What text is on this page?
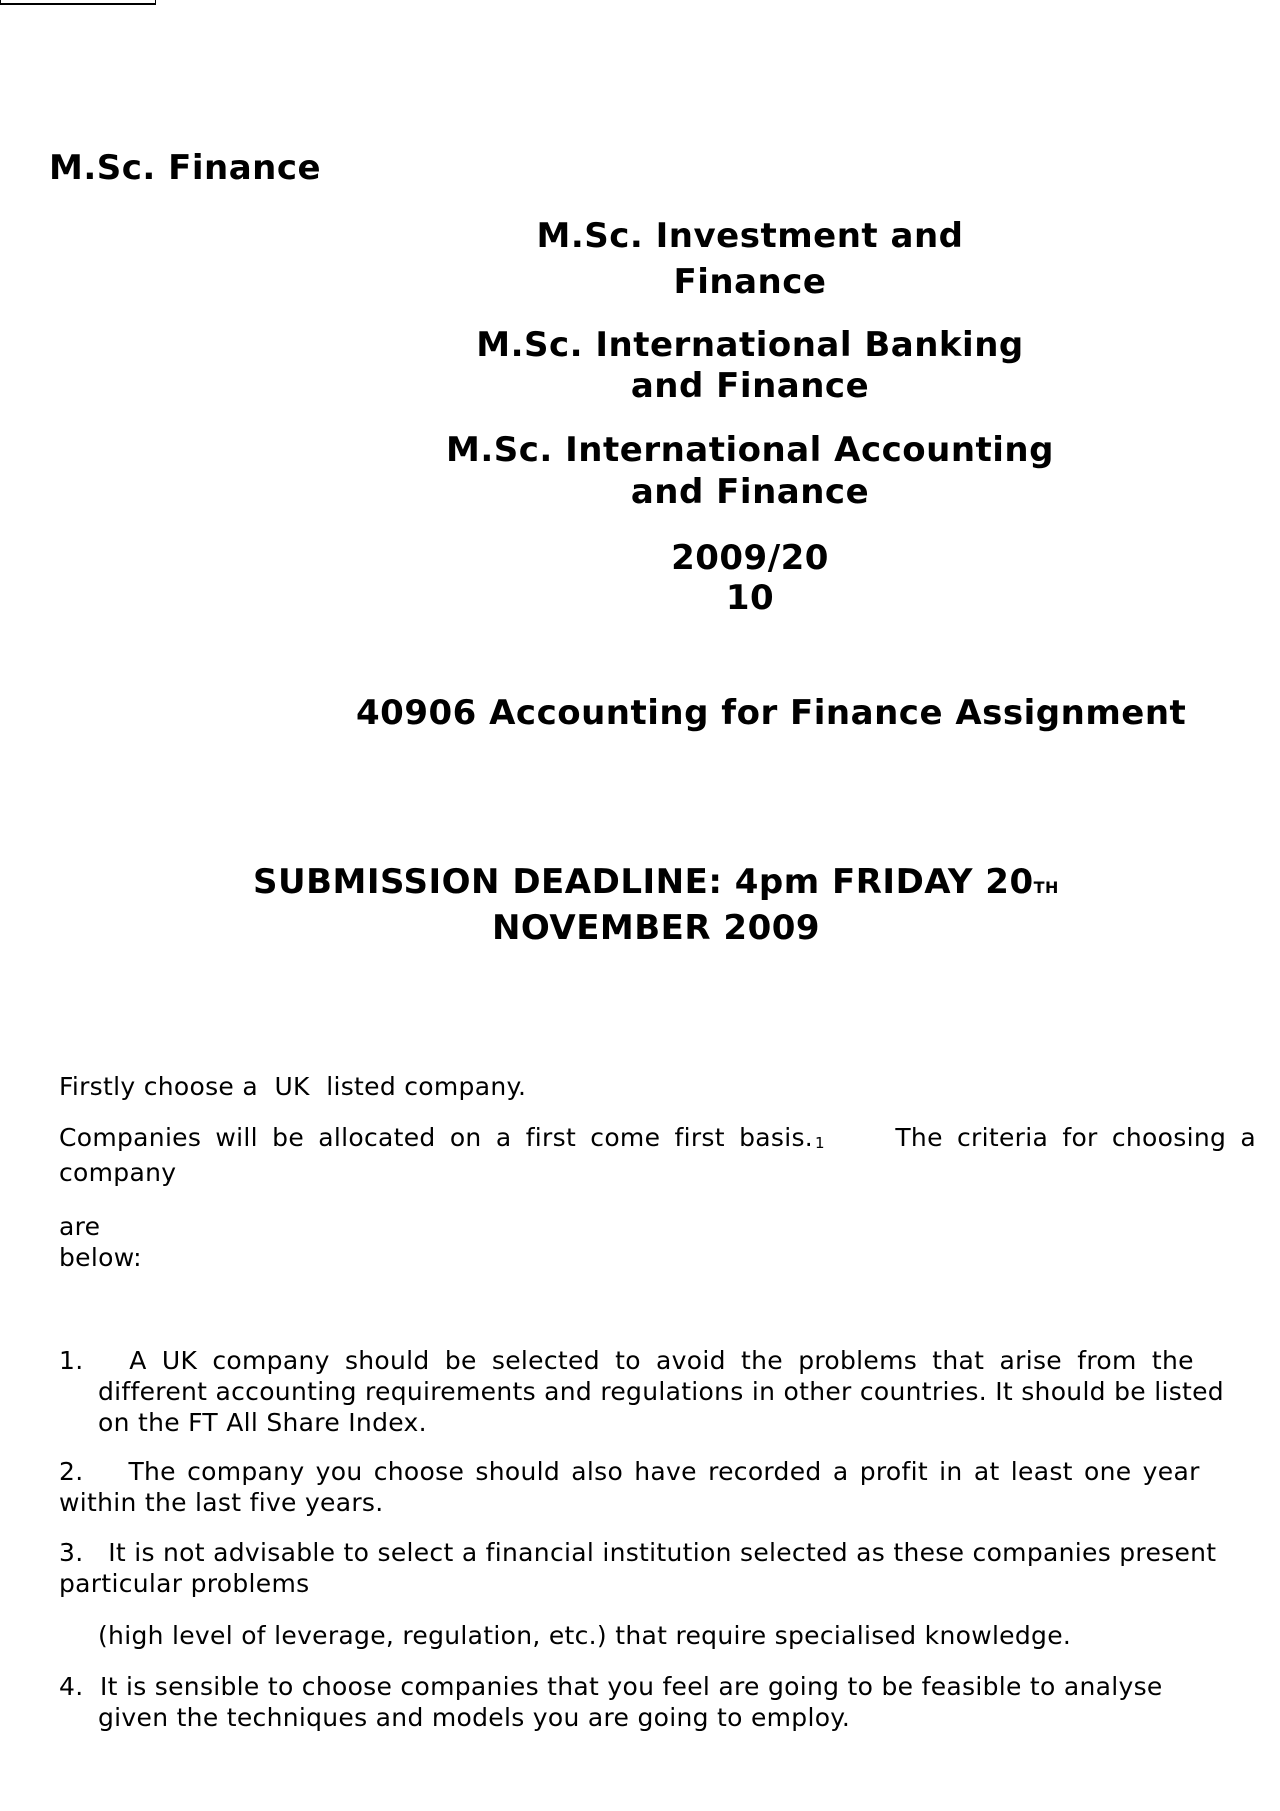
M.Sc. Finance
M.Sc. Investment and
Finance
M.Sc. International Banking
and Finance
M.Sc. International Accounting
and Finance
2009/20
10
40906 Accounting for Finance Assignment
SUBMISSION DEADLINE: 4pm FRIDAY 20TH
NOVEMBER 2009
Firstly choose a  UK  listed company.
Companies will be allocated on a first come first basis. 1	The criteria for choosing a
company
are
below:
1. A UK company should be selected to avoid the problems that arise from the
different accounting requirements and regulations in other countries. It should be listed
on the FT All Share Index.
2. The company you choose should also have recorded a profit in at least one year
within the last five years.
3. It is not advisable to select a financial institution selected as these companies present
particular problems
(high level of leverage, regulation, etc.) that require specialised knowledge.
4. It is sensible to choose companies that you feel are going to be feasible to analyse
given the techniques and models you are going to employ.
